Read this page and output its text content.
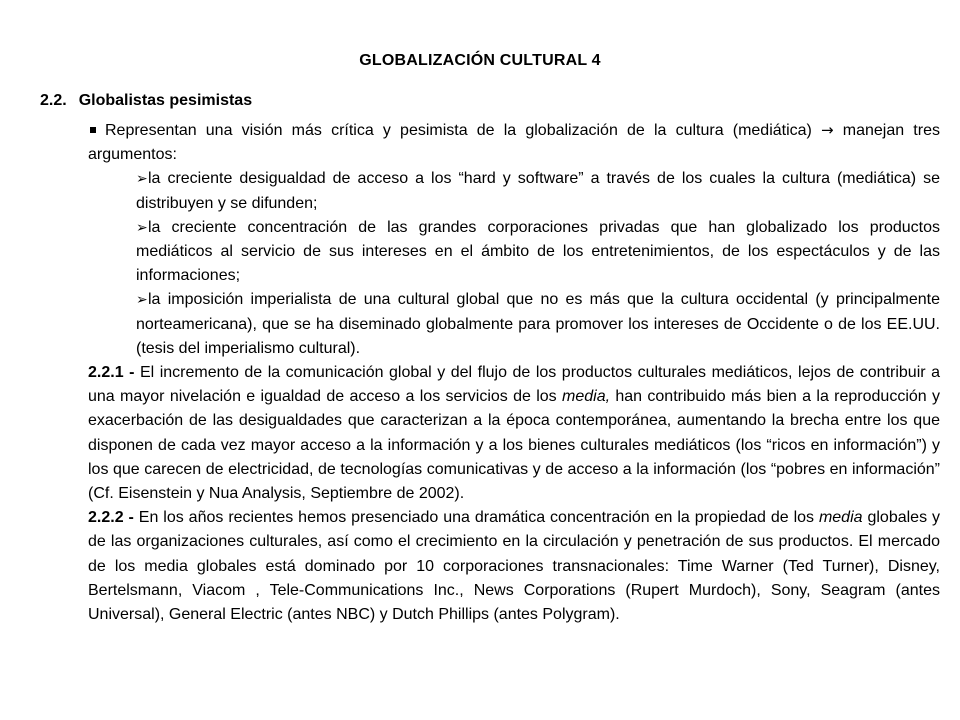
GLOBALIZACIÓN CULTURAL 4
2.2. Globalistas pesimistas

Representan una visión más crítica y pesimista de la globalización de la cultura (mediática) → manejan tres argumentos:

➢ la creciente desigualdad de acceso a los “hard y software” a través de los cuales la cultura (mediática) se distribuyen y se difunden;

➢ la creciente concentración de las grandes corporaciones privadas que han globalizado los productos mediáticos al servicio de sus intereses en el ámbito de los entretenimientos, de los espectáculos y de las informaciones;

➢ la imposición imperialista de una cultural global que no es más que la cultura occidental (y principalmente norteamericana), que se ha diseminado globalmente para promover los intereses de Occidente o de los EE.UU. (tesis del imperialismo cultural).

2.2.1 - El incremento de la comunicación global y del flujo de los productos culturales mediáticos, lejos de contribuir a una mayor nivelación e igualdad de acceso a los servicios de los media, han contribuido más bien a la reproducción y exacerbación de las desigualdades que caracterizan a la época contemporánea, aumentando la brecha entre los que disponen de cada vez mayor acceso a la información y a los bienes culturales mediáticos (los “ricos en información”) y los que carecen de electricidad, de tecnologías comunicativas y de acceso a la información (los “pobres en información” (Cf. Eisenstein y Nua Analysis, Septiembre de 2002).

2.2.2 - En los años recientes hemos presenciado una dramática concentración en la propiedad de los media globales y de las organizaciones culturales, así como el crecimiento en la circulación y penetración de sus productos. El mercado de los media globales está dominado por 10 corporaciones transnacionales: Time Warner (Ted Turner), Disney, Bertelsmann, Viacom , Tele-Communications Inc., News Corporations (Rupert Murdoch), Sony, Seagram (antes Universal), General Electric (antes NBC) y Dutch Phillips (antes Polygram).
